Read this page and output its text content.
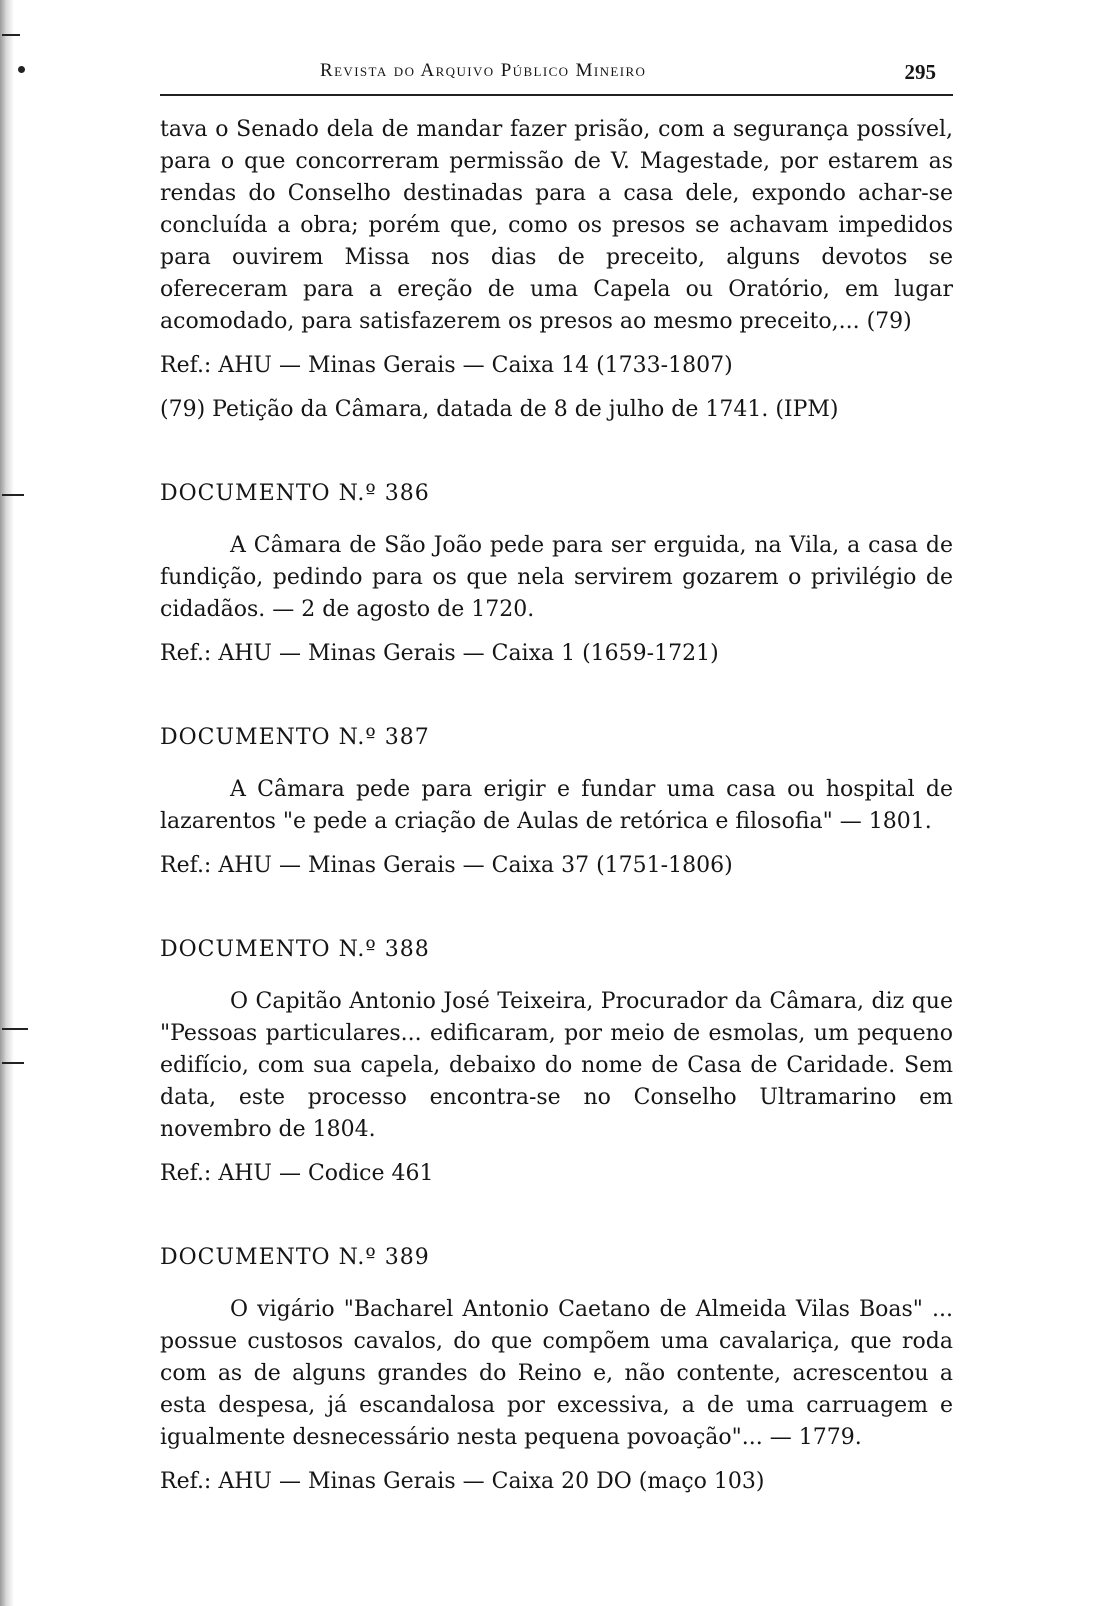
Revista do Arquivo Público Mineiro	295

tava o Senado dela de mandar fazer prisão, com a segurança possível, para o que concorreram permissão de V. Magestade, por estarem as rendas do Conselho destinadas para a casa dele, expondo achar-se concluída a obra; porém que, como os presos se achavam impedidos para ouvirem Missa nos dias de preceito, alguns devotos se ofereceram para a ereção de uma Capela ou Oratório, em lugar acomodado, para satisfazerem os presos ao mesmo preceito,... (79)

Ref.: AHU — Minas Gerais — Caixa 14 (1733-1807)
(79) Petição da Câmara, datada de 8 de julho de 1741. (IPM)
DOCUMENTO N.º 386

A Câmara de São João pede para ser erguida, na Vila, a casa de fundição, pedindo para os que nela servirem gozarem o privilégio de cidadãos. — 2 de agosto de 1720.

Ref.: AHU — Minas Gerais — Caixa 1 (1659-1721)
DOCUMENTO N.º 387

A Câmara pede para erigir e fundar uma casa ou hospital de lazarentos "e pede a criação de Aulas de retórica e filosofia" — 1801.

Ref.: AHU — Minas Gerais — Caixa 37 (1751-1806)
DOCUMENTO N.º 388

O Capitão Antonio José Teixeira, Procurador da Câmara, diz que "Pessoas particulares... edificaram, por meio de esmolas, um pequeno edifício, com sua capela, debaixo do nome de Casa de Caridade. Sem data, este processo encontra-se no Conselho Ultramarino em novembro de 1804.

Ref.: AHU — Codice 461
DOCUMENTO N.º 389

O vigário "Bacharel Antonio Caetano de Almeida Vilas Boas" ... possue custosos cavalos, do que compõem uma cavalariça, que roda com as de alguns grandes do Reino e, não contente, acrescentou a esta despesa, já escandalosa por excessiva, a de uma carruagem e igualmente desnecessário nesta pequena povoação"... — 1779.

Ref.: AHU — Minas Gerais — Caixa 20 DO (maço 103)
